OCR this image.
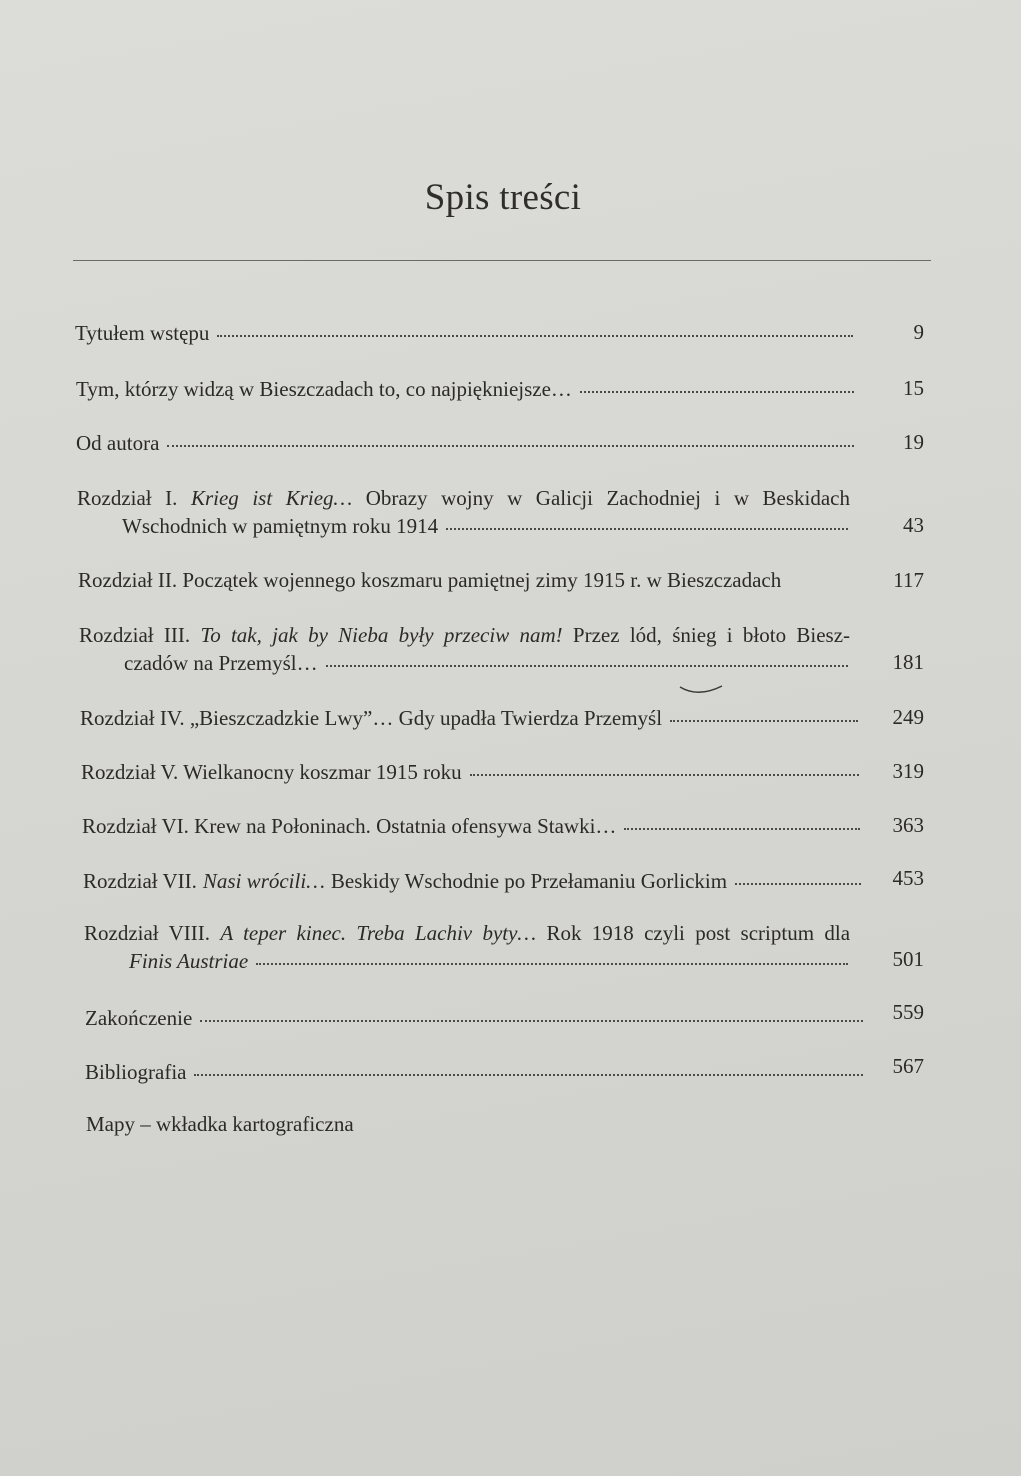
Spis treści
Tytułem wstępu	9
Tym, którzy widzą w Bieszczadach to, co najpiękniejsze…	15
Od autora	19
Rozdział I. Krieg ist Krieg… Obrazy wojny w Galicji Zachodniej i w Beskidach
Wschodnich w pamiętnym roku 1914	43
Rozdział II. Początek wojennego koszmaru pamiętnej zimy 1915 r. w Bieszczadach	117
Rozdział III. To tak, jak by Nieba były przeciw nam! Przez lód, śnieg i błoto Biesz-
czadów na Przemyśl…	181
Rozdział IV. „Bieszczadzkie Lwy”… Gdy upadła Twierdza Przemyśl	249
Rozdział V. Wielkanocny koszmar 1915 roku	319
Rozdział VI. Krew na Połoninach. Ostatnia ofensywa Stawki…	363
Rozdział VII. Nasi wrócili… Beskidy Wschodnie po Przełamaniu Gorlickim	453
Rozdział VIII. A teper kinec. Treba Lachiv byty… Rok 1918 czyli post scriptum dla
Finis Austriae	501
Zakończenie	559
Bibliografia	567
Mapy – wkładka kartograficzna
